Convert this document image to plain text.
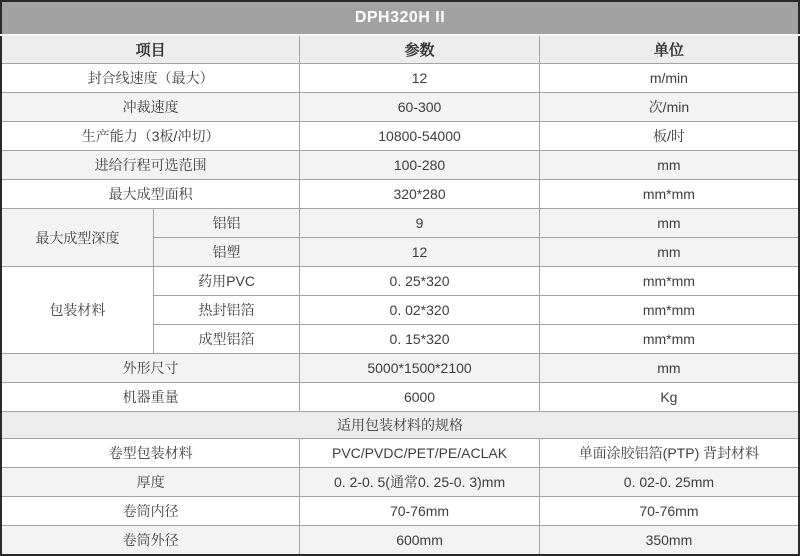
DPH320H II			
项目		参数	单位
封合线速度（最大）		12	m/min
冲裁速度		60-300	次/min
生产能力（3板/冲切）		10800-54000	板/时
进给行程可选范围		100-280	mm
最大成型面积		320*280	mm*mm
最大成型深度	铝铝	9	mm
	铝塑	12	mm
包装材料	药用PVC	0. 25*320	mm*mm
	热封铝箔	0. 02*320	mm*mm
	成型铝箔	0. 15*320	mm*mm
外形尺寸		5000*1500*2100	mm
机器重量		6000	Kg
适用包装材料的规格			
卷型包装材料		PVC/PVDC/PET/PE/ACLAK	单面涂胶铝箔(PTP) 背封材料
厚度		0. 2-0. 5(通常0. 25-0. 3)mm	0. 02-0. 25mm
卷筒内径		70-76mm	70-76mm
卷筒外径		600mm	350mm
